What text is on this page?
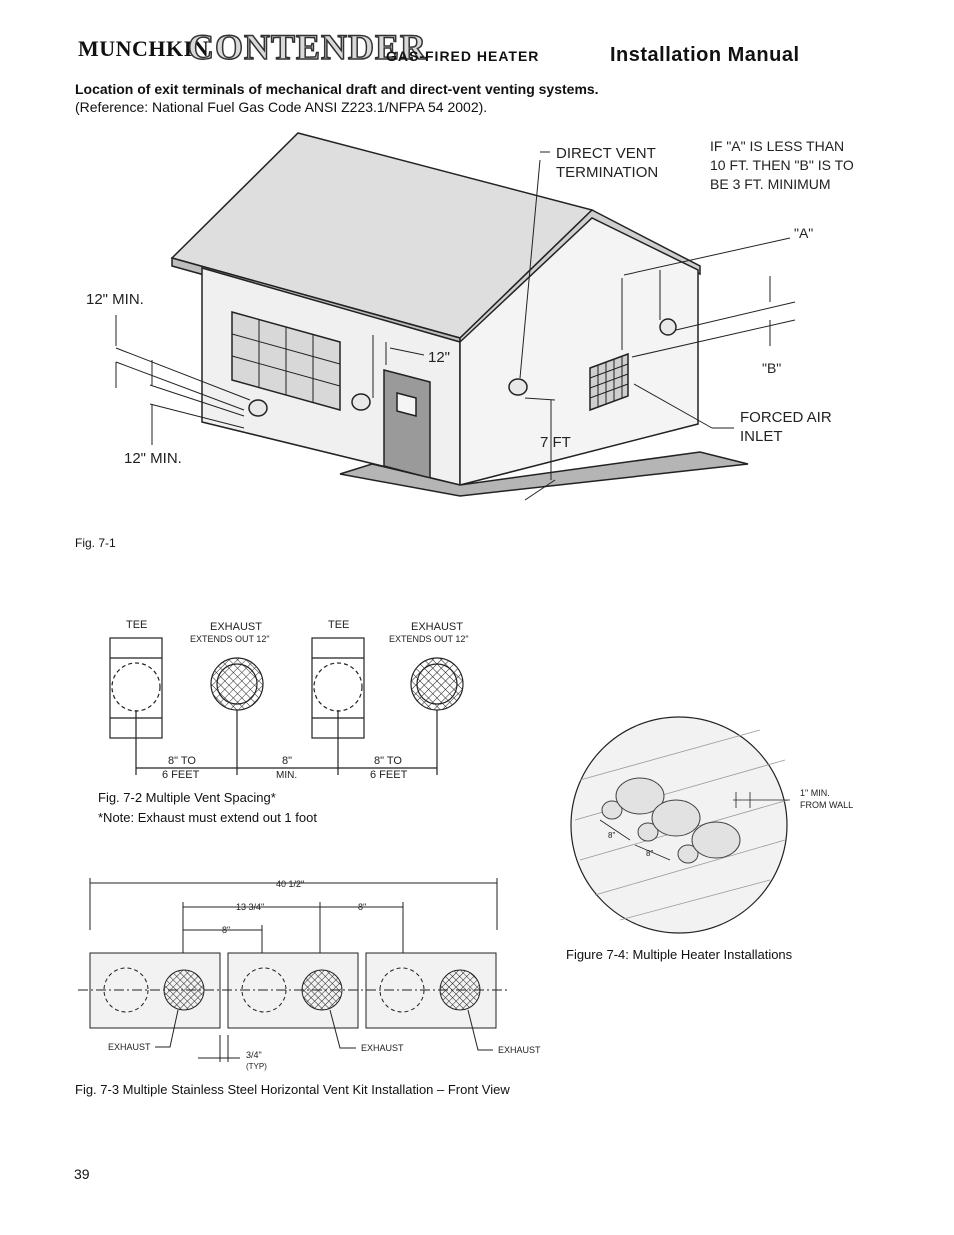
MUNCHKIN
CONTENDER
GAS-FIRED HEATER	Installation Manual
Location of exit terminals of mechanical draft and direct-vent venting systems.
(Reference: National Fuel Gas Code ANSI Z223.1/NFPA 54 2002).
DIRECT VENT
TERMINATION
IF "A" IS LESS THAN
10 FT. THEN "B" IS TO
BE 3 FT. MINIMUM
"A"
"B"
12" MIN.
12" MIN.
12"
7 FT
FORCED AIR
INLET
Fig. 7-1
TEE	EXHAUST
EXTENDS OUT 12"
TEE	EXHAUST
EXTENDS OUT 12"
8" TO
6 FEET
8"
MIN.
8" TO
6 FEET
Fig. 7-2 Multiple Vent Spacing*
*Note: Exhaust must extend out 1 foot
1" MIN.
FROM WALL
8"
8"
Figure 7-4: Multiple Heater Installations
40 1/2"
13 3/4"	8"
8"
EXHAUST	EXHAUST	EXHAUST
3/4"
(TYP)
Fig. 7-3 Multiple Stainless Steel Horizontal Vent Kit Installation – Front View
39
